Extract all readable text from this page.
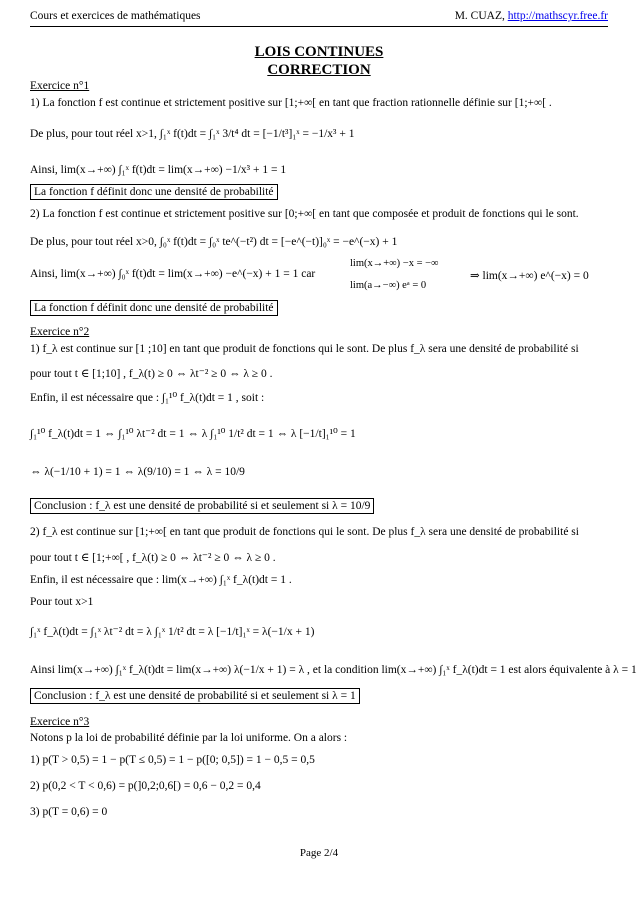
Cours et exercices de mathématiques	M. CUAZ, http://mathscyr.free.fr
LOIS CONTINUES
CORRECTION
Exercice n°1
1) La fonction f est continue et strictement positive sur [1;+∞[ en tant que fraction rationnelle définie sur [1;+∞[ .
De plus, pour tout réel x>1, ∫₁ˣ f(t)dt = ∫₁ˣ 3/t⁴ dt = [−1/t³]₁ˣ = −1/x³ + 1
Ainsi, lim(x→+∞) ∫₁ˣ f(t)dt = lim(x→+∞) −1/x³ + 1 = 1
La fonction f définit donc une densité de probabilité
2) La fonction f est continue et strictement positive sur [0;+∞[ en tant que composée et produit de fonctions qui le sont.
De plus, pour tout réel x>0, ∫₀ˣ f(t)dt = ∫₀ˣ te^(−t²) dt = [−e^(−t)]₀ˣ = −e^(−x) + 1
Ainsi, lim(x→+∞) ∫₀ˣ f(t)dt = lim(x→+∞) −e^(−x) + 1 = 1 car
lim(x→+∞) −x = −∞
lim(a→−∞) eᵃ = 0
⇒ lim(x→+∞) e^(−x) = 0
La fonction f définit donc une densité de probabilité
Exercice n°2
1) f_λ est continue sur [1 ;10] en tant que produit de fonctions qui le sont. De plus f_λ sera une densité de probabilité si
pour tout t ∈ [1;10] , f_λ(t) ≥ 0 ⇔ λt⁻² ≥ 0 ⇔ λ ≥ 0 .
Enfin, il est nécessaire que : ∫₁¹⁰ f_λ(t)dt = 1 , soit :
∫₁¹⁰ f_λ(t)dt = 1 ⇔ ∫₁¹⁰ λt⁻² dt = 1 ⇔ λ ∫₁¹⁰ 1/t² dt = 1 ⇔ λ [−1/t]₁¹⁰ = 1
⇔ λ(−1/10 + 1) = 1 ⇔ λ(9/10) = 1 ⇔ λ = 10/9
Conclusion : f_λ est une densité de probabilité si et seulement si λ = 10/9
2) f_λ est continue sur [1;+∞[ en tant que produit de fonctions qui le sont. De plus f_λ sera une densité de probabilité si
pour tout t ∈ [1;+∞[ , f_λ(t) ≥ 0 ⇔ λt⁻² ≥ 0 ⇔ λ ≥ 0 .
Enfin, il est nécessaire que : lim(x→+∞) ∫₁ˣ f_λ(t)dt = 1 .
Pour tout x>1
∫₁ˣ f_λ(t)dt = ∫₁ˣ λt⁻² dt = λ ∫₁ˣ 1/t² dt = λ [−1/t]₁ˣ = λ(−1/x + 1)
Ainsi lim(x→+∞) ∫₁ˣ f_λ(t)dt = lim(x→+∞) λ(−1/x + 1) = λ , et la condition lim(x→+∞) ∫₁ˣ f_λ(t)dt = 1 est alors équivalente à λ = 1
Conclusion : f_λ est une densité de probabilité si et seulement si λ = 1
Exercice n°3
Notons p la loi de probabilité définie par la loi uniforme. On a alors :
1) p(T > 0,5) = 1 − p(T ≤ 0,5) = 1 − p([0; 0,5]) = 1 − 0,5 = 0,5
2) p(0,2 < T < 0,6) = p(]0,2;0,6[) = 0,6 − 0,2 = 0,4
3) p(T = 0,6) = 0
Page 2/4
